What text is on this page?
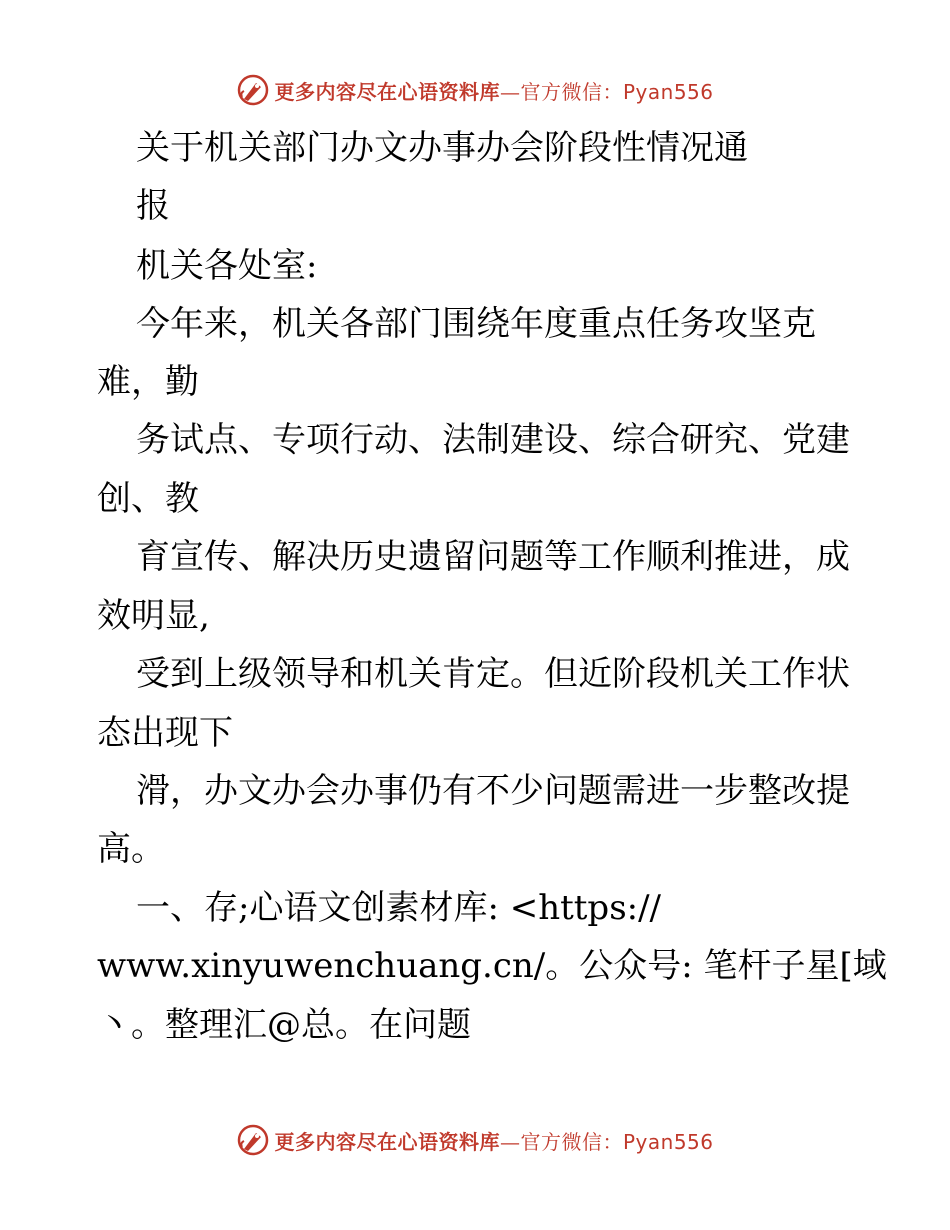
更多内容尽在心语资料库—官方微信：Pyan556
关于机关部门办文办事办会阶段性情况通
报
机关各处室:
今年来，机关各部门围绕年度重点任务攻坚克
难，勤
务试点、专项行动、法制建设、综合研究、党建
创、教
育宣传、解决历史遗留问题等工作顺利推进，成
效明显,
受到上级领导和机关肯定。但近阶段机关工作状
态出现下
滑，办文办会办事仍有不少问题需进一步整改提
高。
一、存;心语文创素材库: <https://
www.xinyuwenchuang.cn/。公众号: 笔杆子星[域
丶。整理汇@总。在问题
更多内容尽在心语资料库—官方微信：Pyan556
